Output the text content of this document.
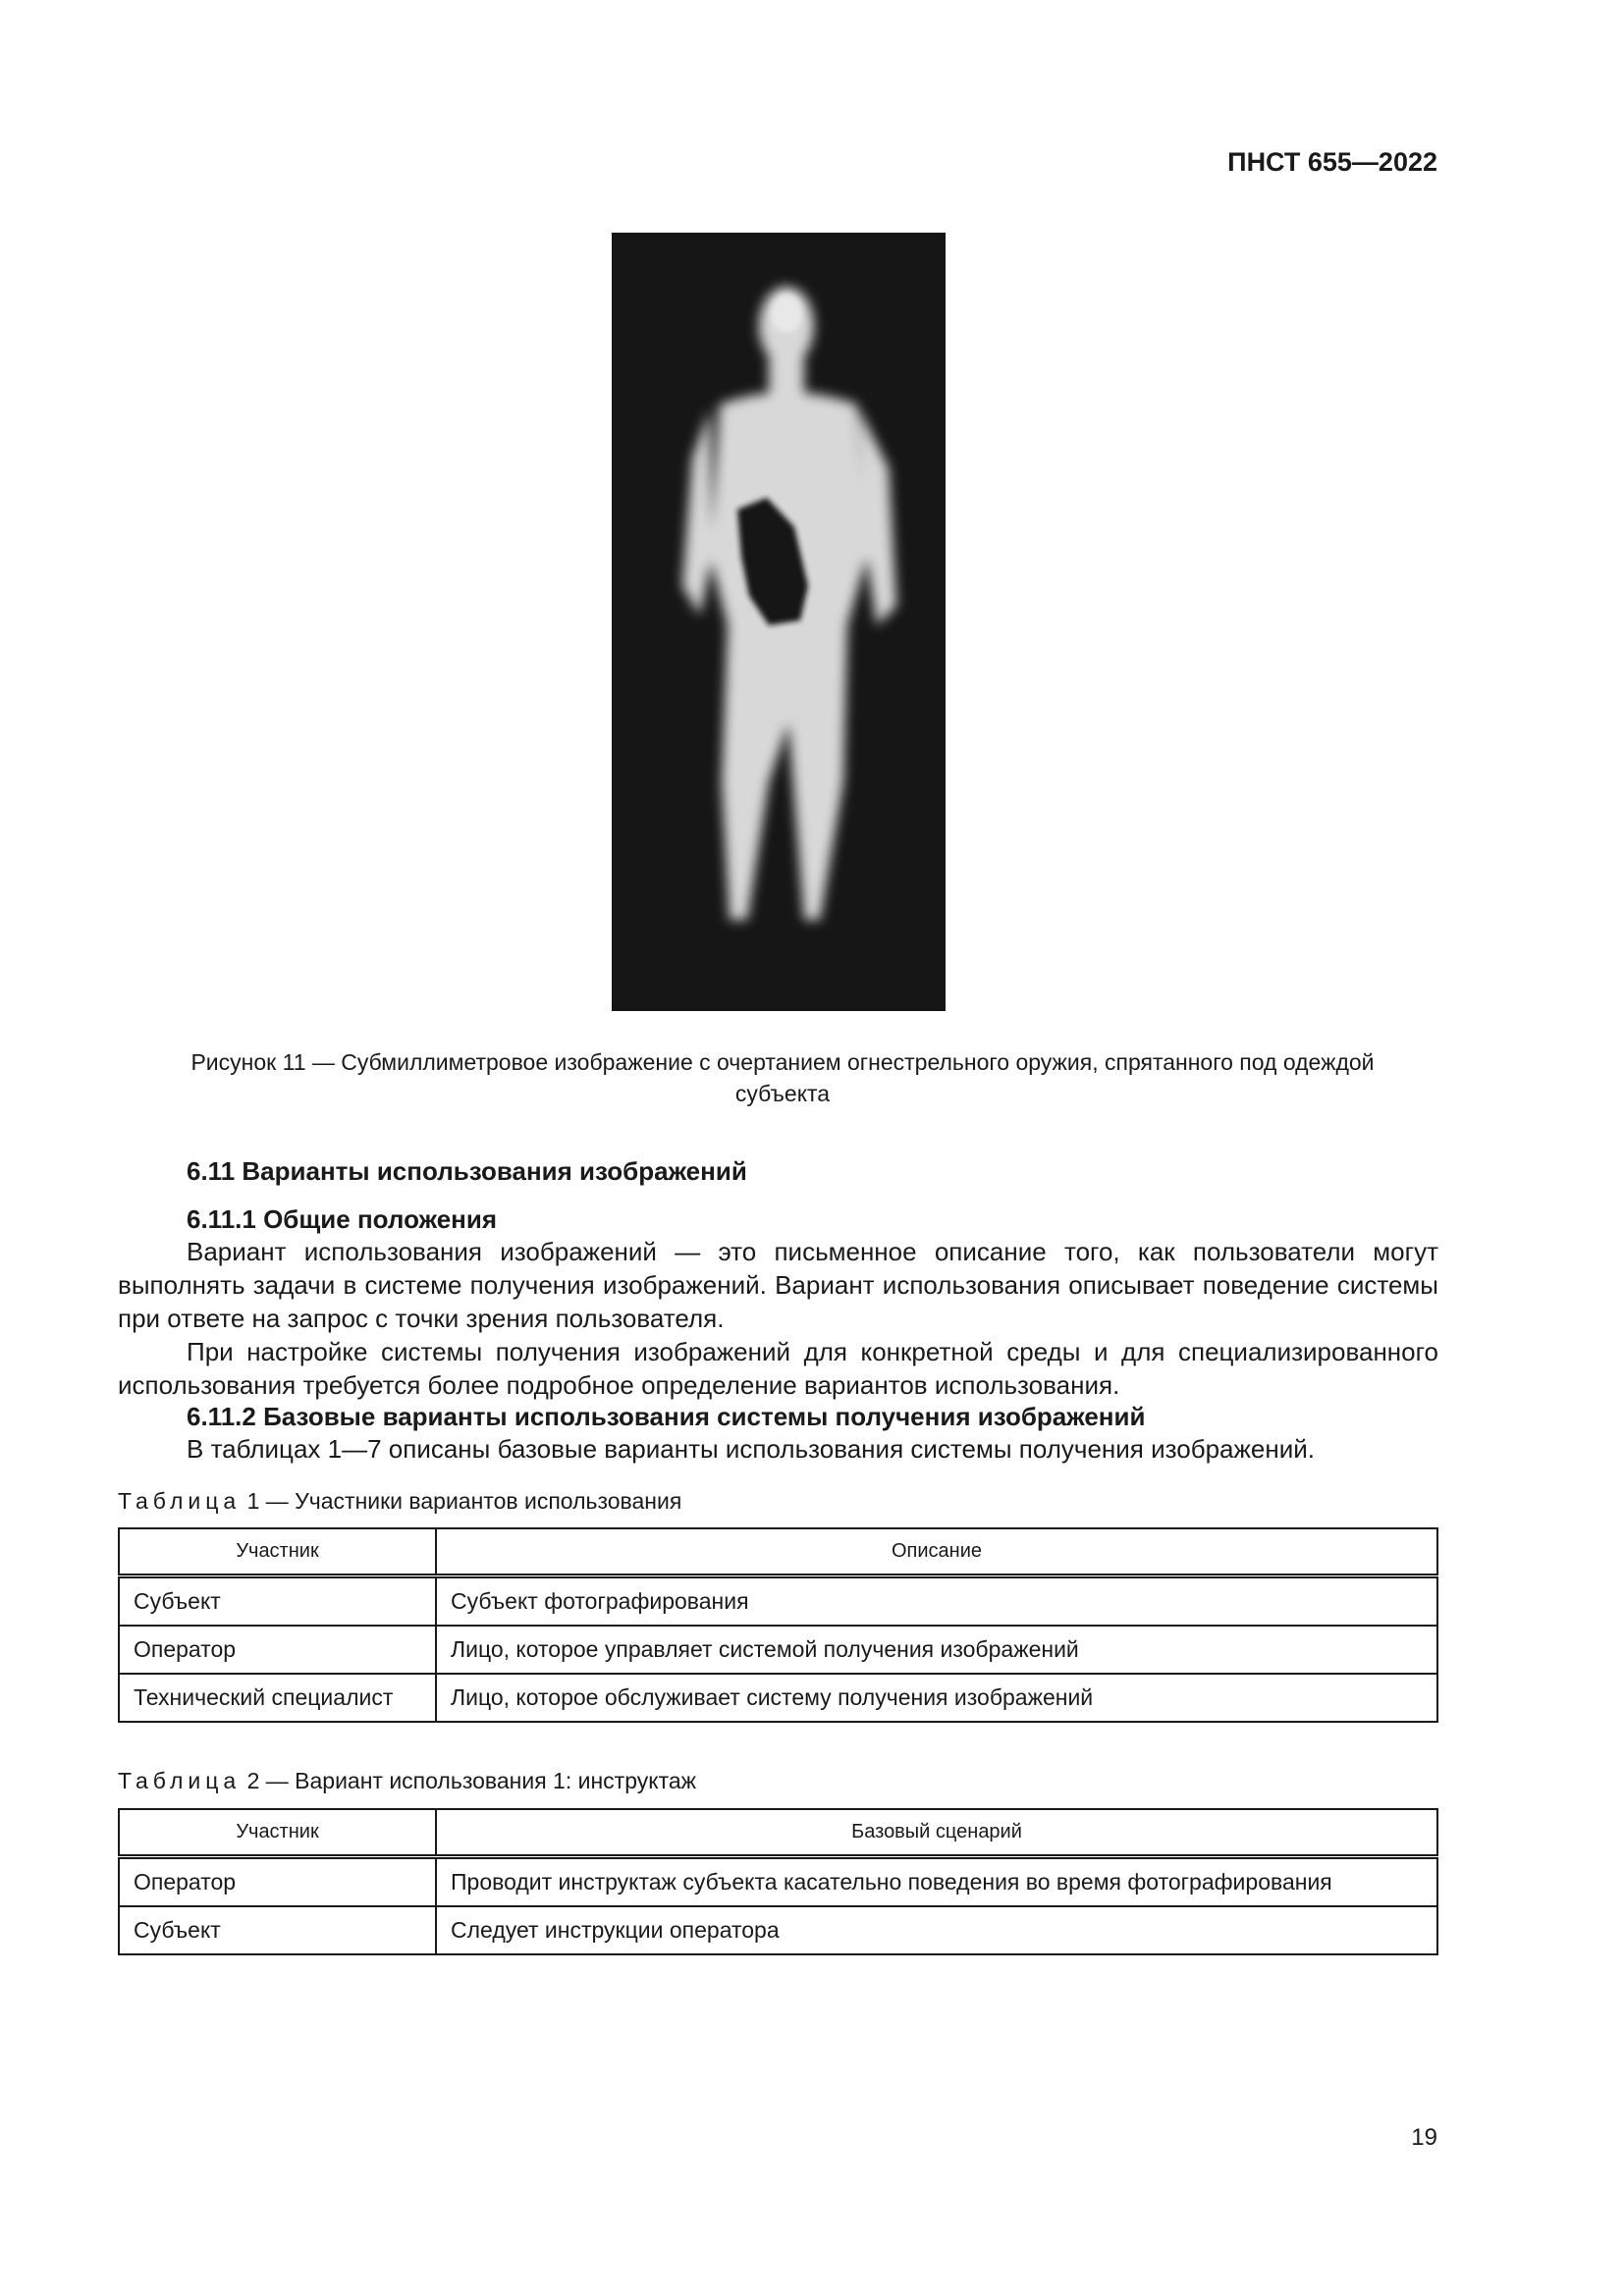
ПНСТ 655—2022
Рисунок 11 — Субмиллиметровое изображение с очертанием огнестрельного оружия, спрятанного под одеждой
субъекта
6.11 Варианты использования изображений
6.11.1 Общие положения

Вариант использования изображений — это письменное описание того, как пользователи могут выполнять задачи в системе получения изображений. Вариант использования описывает поведение системы при ответе на запрос с точки зрения пользователя.

При настройке системы получения изображений для конкретной среды и для специализированного использования требуется более подробное определение вариантов использования.

6.11.2 Базовые варианты использования системы получения изображений

В таблицах 1—7 описаны базовые варианты использования системы получения изображений.

Таблица 1 — Участники вариантов использования
Участник	Описание
Субъект	Субъект фотографирования
Оператор	Лицо, которое управляет системой получения изображений
Технический специалист	Лицо, которое обслуживает систему получения изображений
Таблица 2 — Вариант использования 1: инструктаж
Участник	Базовый сценарий
Оператор	Проводит инструктаж субъекта касательно поведения во время фотографирования
Субъект	Следует инструкции оператора
19
